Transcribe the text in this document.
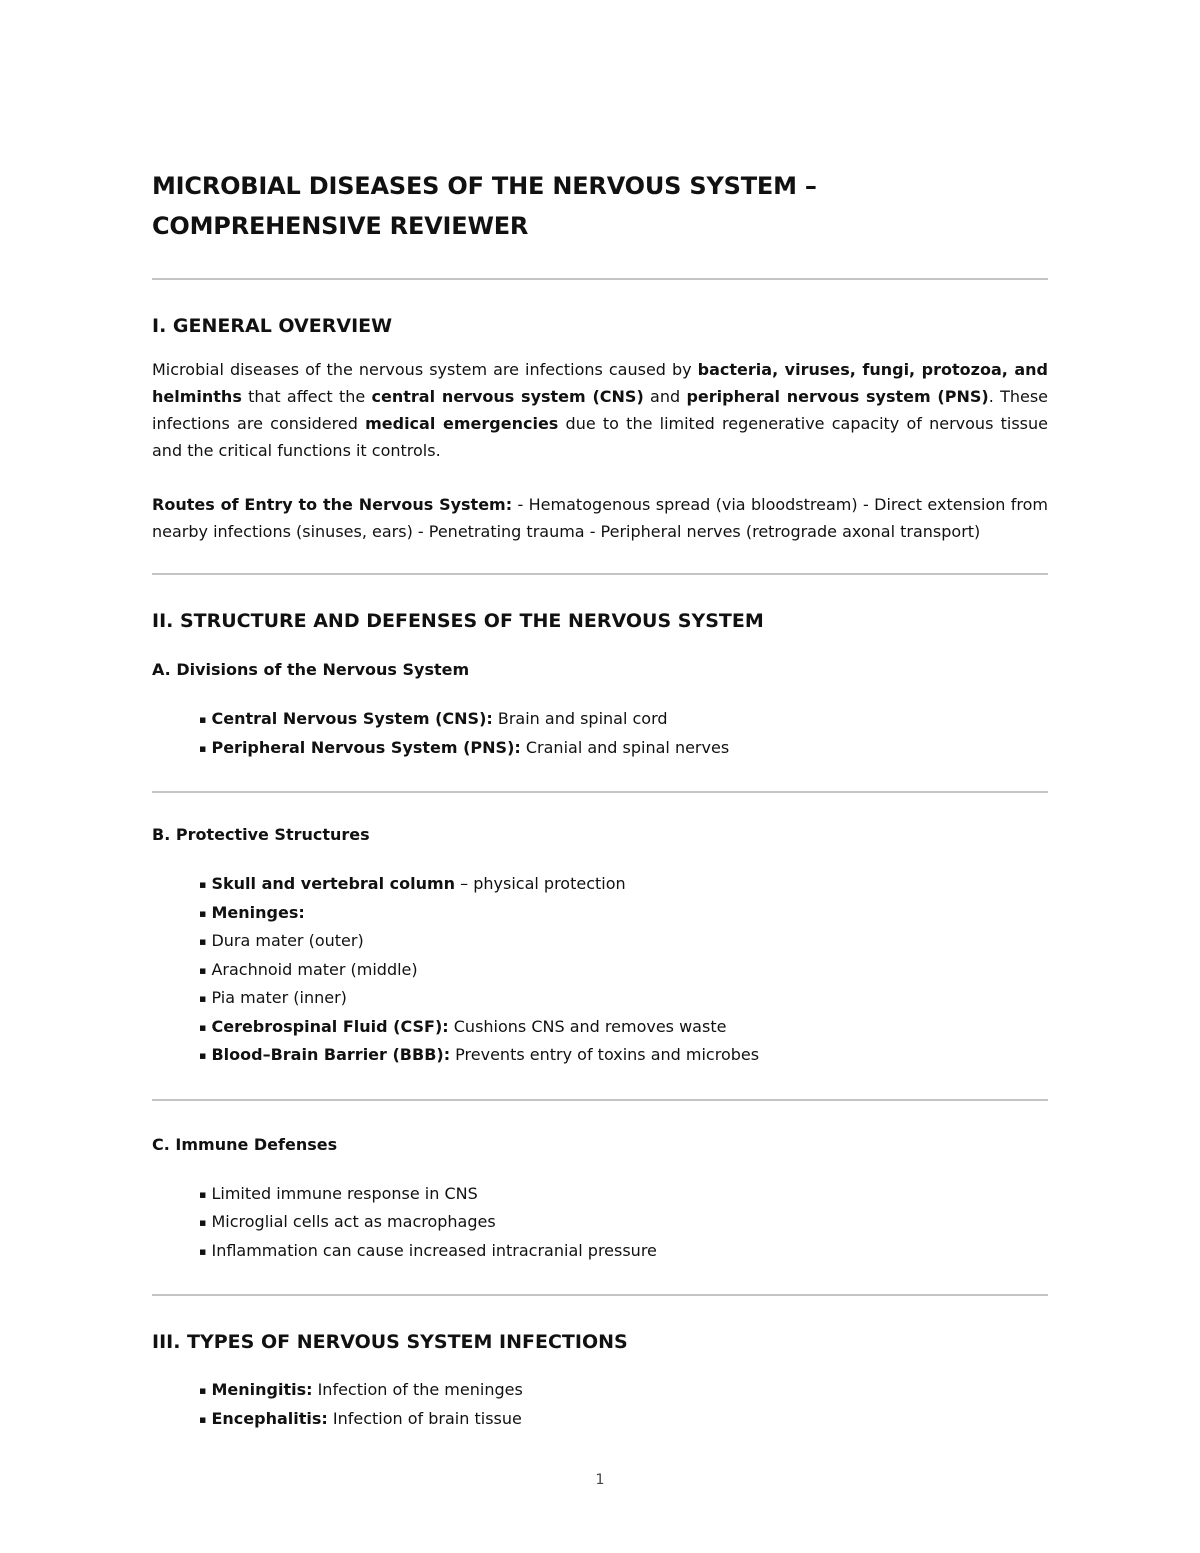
MICROBIAL DISEASES OF THE NERVOUS SYSTEM – COMPREHENSIVE REVIEWER
I. GENERAL OVERVIEW

Microbial diseases of the nervous system are infections caused by bacteria, viruses, fungi, protozoa, and helminths that affect the central nervous system (CNS) and peripheral nervous system (PNS). These infections are considered medical emergencies due to the limited regenerative capacity of nervous tissue and the critical functions it controls.

Routes of Entry to the Nervous System: - Hematogenous spread (via bloodstream) - Direct extension from nearby infections (sinuses, ears) - Penetrating trauma - Peripheral nerves (retrograde axonal transport)

II. STRUCTURE AND DEFENSES OF THE NERVOUS SYSTEM
A. Divisions of the Nervous System
▪ Central Nervous System (CNS): Brain and spinal cord
▪ Peripheral Nervous System (PNS): Cranial and spinal nerves
B. Protective Structures
▪ Skull and vertebral column – physical protection
▪ Meninges:
▪ Dura mater (outer)
▪ Arachnoid mater (middle)
▪ Pia mater (inner)
▪ Cerebrospinal Fluid (CSF): Cushions CNS and removes waste
▪ Blood–Brain Barrier (BBB): Prevents entry of toxins and microbes
C. Immune Defenses
▪ Limited immune response in CNS
▪ Microglial cells act as macrophages
▪ Inflammation can cause increased intracranial pressure
III. TYPES OF NERVOUS SYSTEM INFECTIONS
▪ Meningitis: Infection of the meninges
▪ Encephalitis: Infection of brain tissue
1
